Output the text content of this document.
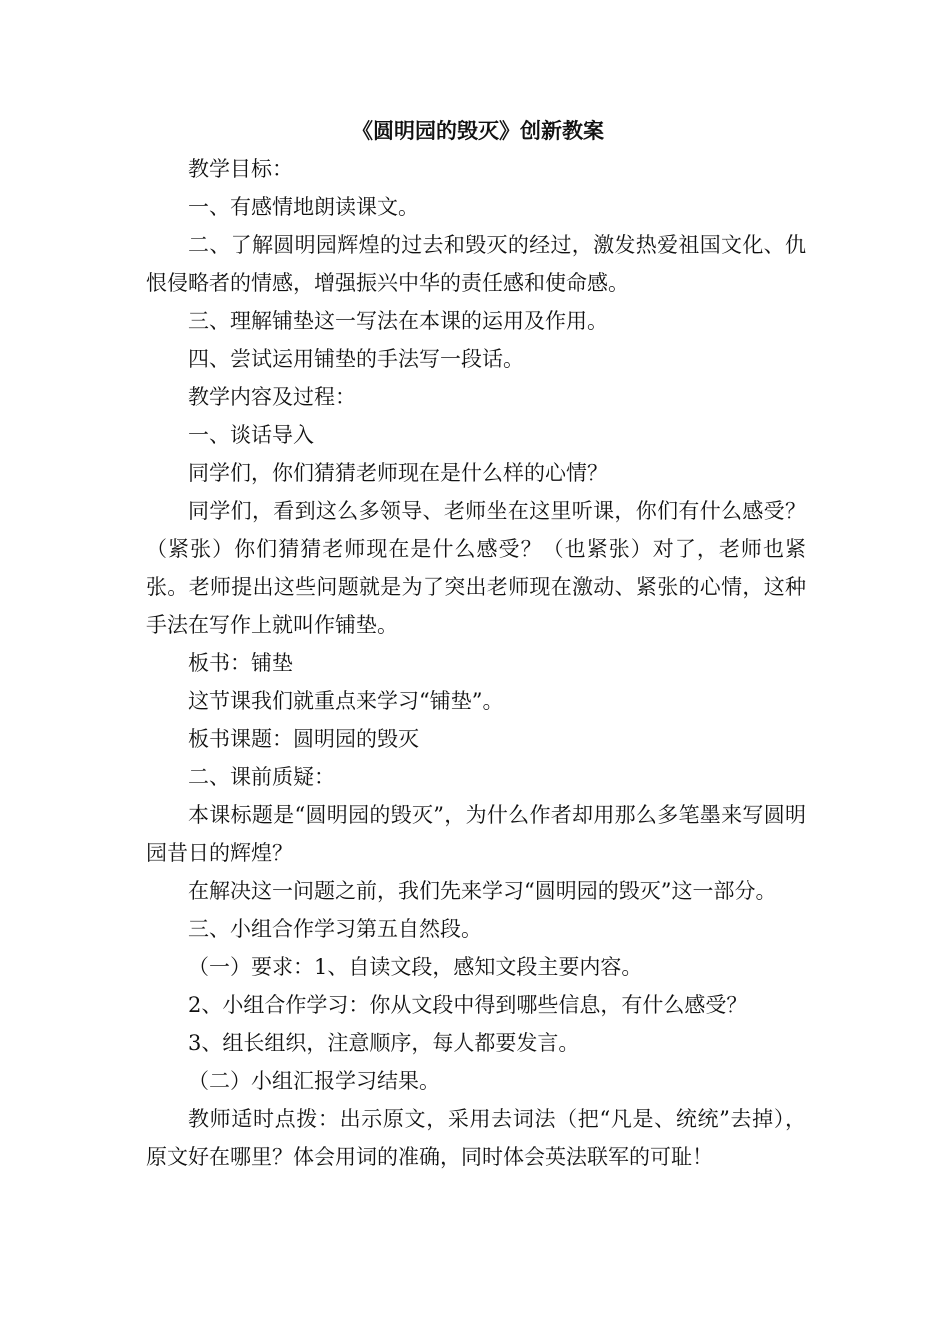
《圆明园的毁灭》创新教案

教学目标：

一、有感情地朗读课文。

二、了解圆明园辉煌的过去和毁灭的经过，激发热爱祖国文化、仇恨侵略者的情感，增强振兴中华的责任感和使命感。

三、理解铺垫这一写法在本课的运用及作用。

四、尝试运用铺垫的手法写一段话。

教学内容及过程：

一、谈话导入

同学们，你们猜猜老师现在是什么样的心情？

同学们，看到这么多领导、老师坐在这里听课，你们有什么感受？（紧张）你们猜猜老师现在是什么感受？（也紧张）对了，老师也紧张。老师提出这些问题就是为了突出老师现在激动、紧张的心情，这种手法在写作上就叫作铺垫。

板书：铺垫

这节课我们就重点来学习“铺垫”。

板书课题：圆明园的毁灭

二、课前质疑：

本课标题是“圆明园的毁灭”，为什么作者却用那么多笔墨来写圆明园昔日的辉煌？

在解决这一问题之前，我们先来学习“圆明园的毁灭”这一部分。

三、小组合作学习第五自然段。

（一）要求：1、自读文段，感知文段主要内容。

2、小组合作学习：你从文段中得到哪些信息，有什么感受？

3、组长组织，注意顺序，每人都要发言。

（二）小组汇报学习结果。

教师适时点拨：出示原文，采用去词法（把“凡是、统统”去掉），原文好在哪里？体会用词的准确，同时体会英法联军的可耻！
